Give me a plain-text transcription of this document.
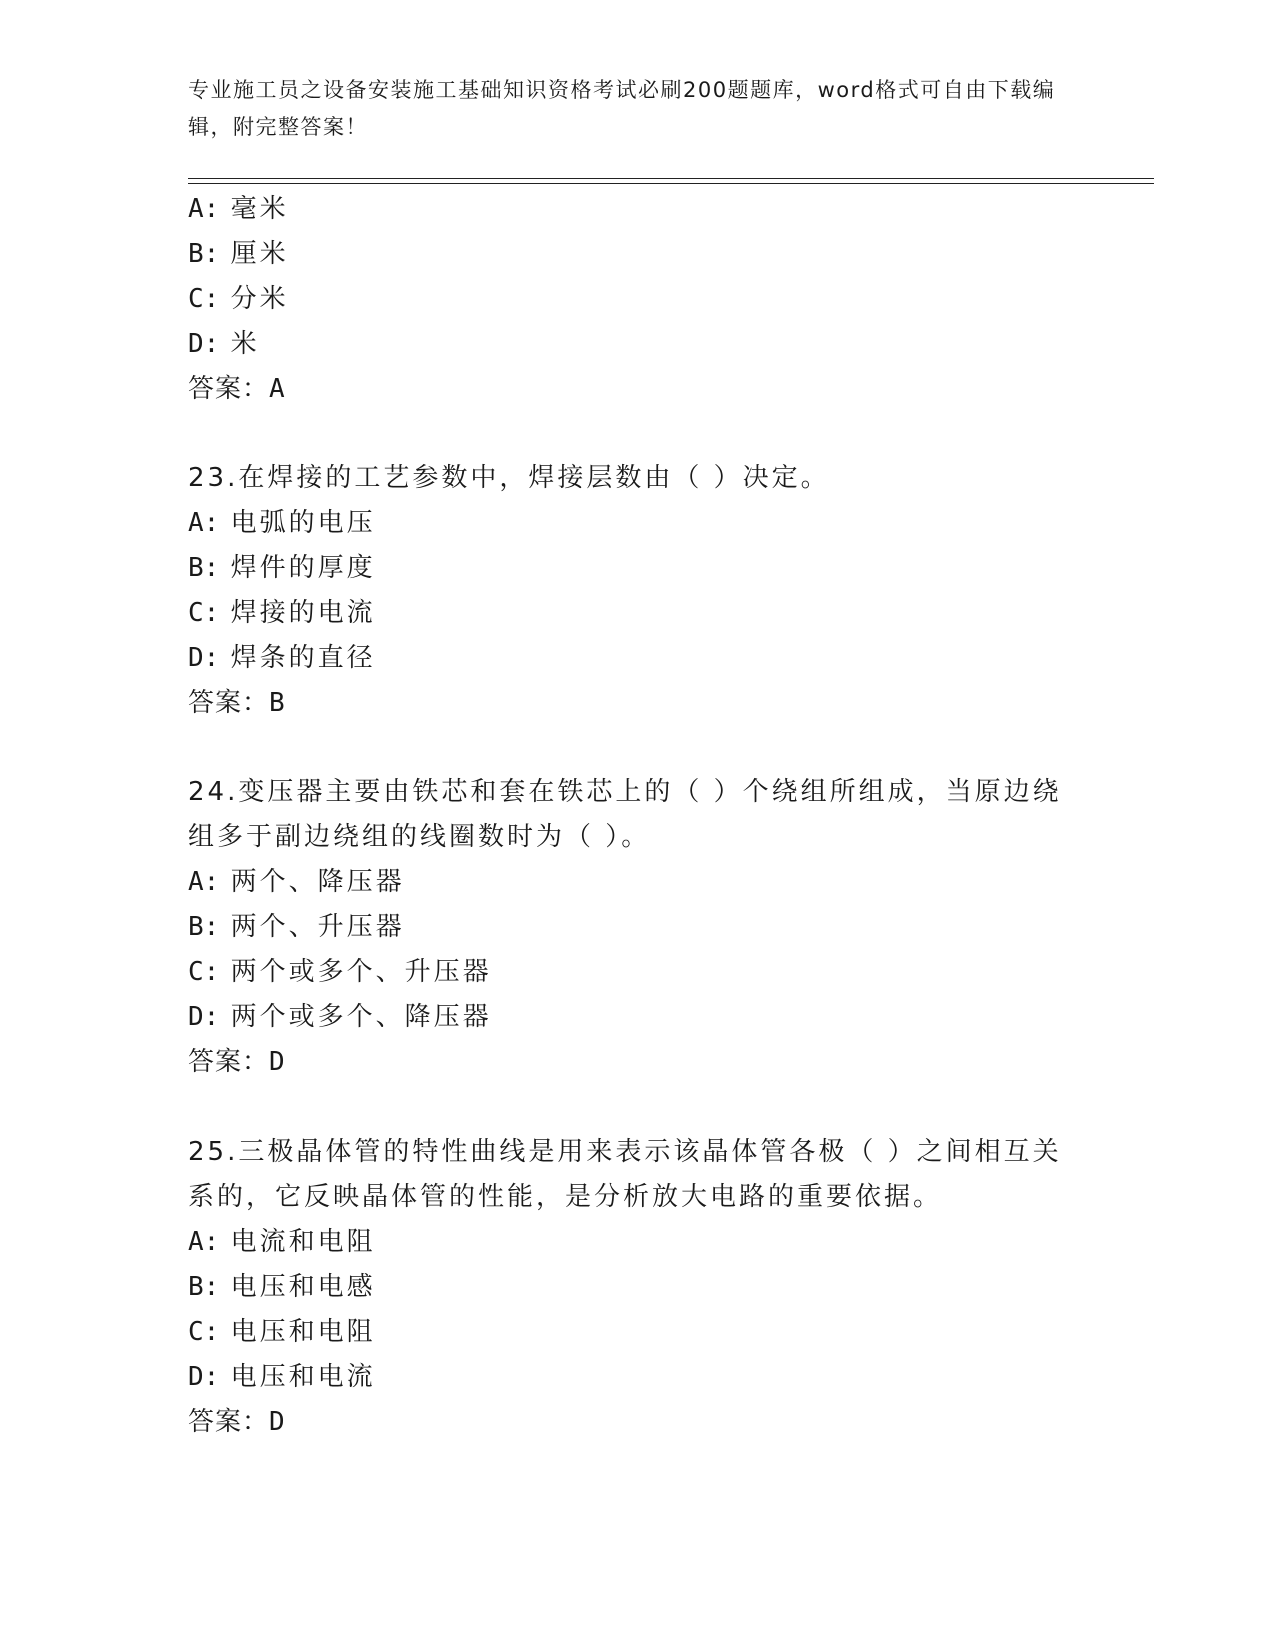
专业施工员之设备安装施工基础知识资格考试必刷200题题库，word格式可自由下载编辑，附完整答案！
A: 毫米
B: 厘米
C: 分米
D: 米
答案：A
23.在焊接的工艺参数中，焊接层数由（ ）决定。
A: 电弧的电压
B: 焊件的厚度
C: 焊接的电流
D: 焊条的直径
答案：B
24.变压器主要由铁芯和套在铁芯上的（ ）个绕组所组成，当原边绕
组多于副边绕组的线圈数时为（ ）。
A: 两个、降压器
B: 两个、升压器
C: 两个或多个、升压器
D: 两个或多个、降压器
答案：D
25.三极晶体管的特性曲线是用来表示该晶体管各极（ ）之间相互关
系的，它反映晶体管的性能，是分析放大电路的重要依据。
A: 电流和电阻
B: 电压和电感
C: 电压和电阻
D: 电压和电流
答案：D
